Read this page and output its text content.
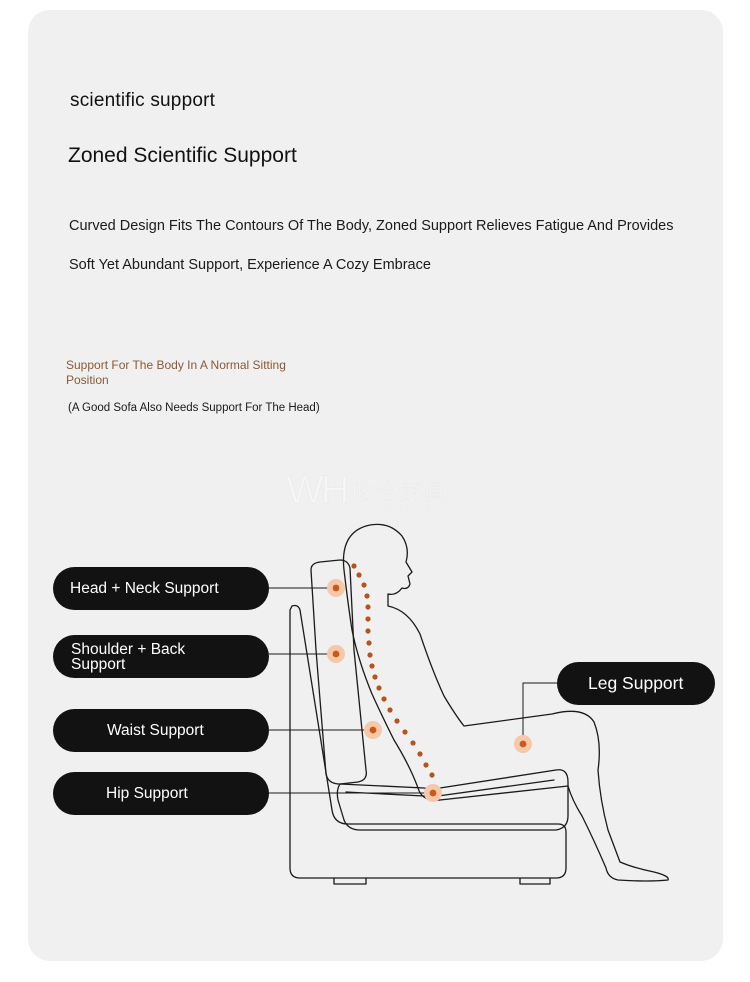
scientific support
Zoned Scientific Support
Curved Design Fits The Contours Of The Body, Zoned Support Relieves Fatigue And Provides
Soft Yet Abundant Support, Experience A Cozy Embrace
Support For The Body In A Normal Sitting Position
(A Good Sofa Also Needs Support For The Head)
WH 吻合家具
COINCIDE
Head + Neck Support
Shoulder + Back Support
Waist Support
Hip Support
Leg Support
